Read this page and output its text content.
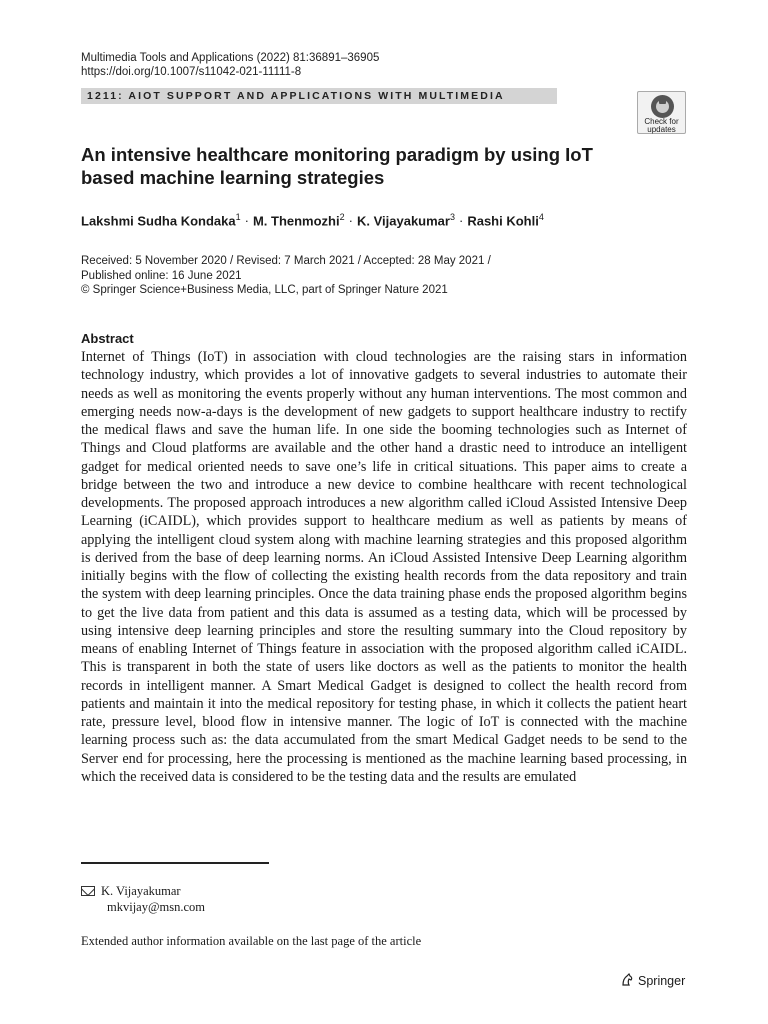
Multimedia Tools and Applications (2022) 81:36891–36905
https://doi.org/10.1007/s11042-021-11111-8
1211: AIOT SUPPORT AND APPLICATIONS WITH MULTIMEDIA
Check for
updates
An intensive healthcare monitoring paradigm by using IoT based machine learning strategies
Lakshmi Sudha Kondaka$^1$ · M. Thenmozhi$^2$ · K. Vijayakumar$^3$ · Rashi Kohli$^4$
Received: 5 November 2020 / Revised: 7 March 2021 / Accepted: 28 May 2021 /
Published online: 16 June 2021
© Springer Science+Business Media, LLC, part of Springer Nature 2021
Abstract

Internet of Things (IoT) in association with cloud technologies are the raising stars in information technology industry, which provides a lot of innovative gadgets to several industries to automate their needs as well as monitoring the events properly without any human interventions. The most common and emerging needs now-a-days is the development of new gadgets to support healthcare industry to rectify the medical flaws and save the human life. In one side the booming technologies such as Internet of Things and Cloud platforms are available and the other hand a drastic need to introduce an intelligent gadget for medical oriented needs to save one’s life in critical situations. This paper aims to create a bridge between the two and introduce a new device to combine healthcare with recent technological developments. The proposed approach introduces a new algorithm called iCloud Assisted Intensive Deep Learning (iCAIDL), which provides support to healthcare medium as well as patients by means of applying the intelligent cloud system along with machine learning strategies and this proposed algorithm is derived from the base of deep learning norms. An iCloud Assisted Intensive Deep Learning algorithm initially begins with the flow of collecting the existing health records from the data repository and train the system with deep learning principles. Once the data training phase ends the proposed algorithm begins to get the live data from patient and this data is assumed as a testing data, which will be processed by using intensive deep learning principles and store the resulting summary into the Cloud repository by means of enabling Internet of Things feature in association with the proposed algorithm called iCAIDL. This is transparent in both the state of users like doctors as well as the patients to monitor the health records in intelligent manner. A Smart Medical Gadget is designed to collect the health record from patients and maintain it into the medical repository for testing phase, in which it collects the patient heart rate, pressure level, blood flow in intensive manner. The logic of IoT is connected with the machine learning process such as: the data accumulated from the smart Medical Gadget needs to be send to the Server end for processing, here the processing is mentioned as the machine learning based processing, in which the received data is considered to be the testing data and the results are emulated

K. Vijayakumar
mkvijay@msn.com
Extended author information available on the last page of the article
Springer
